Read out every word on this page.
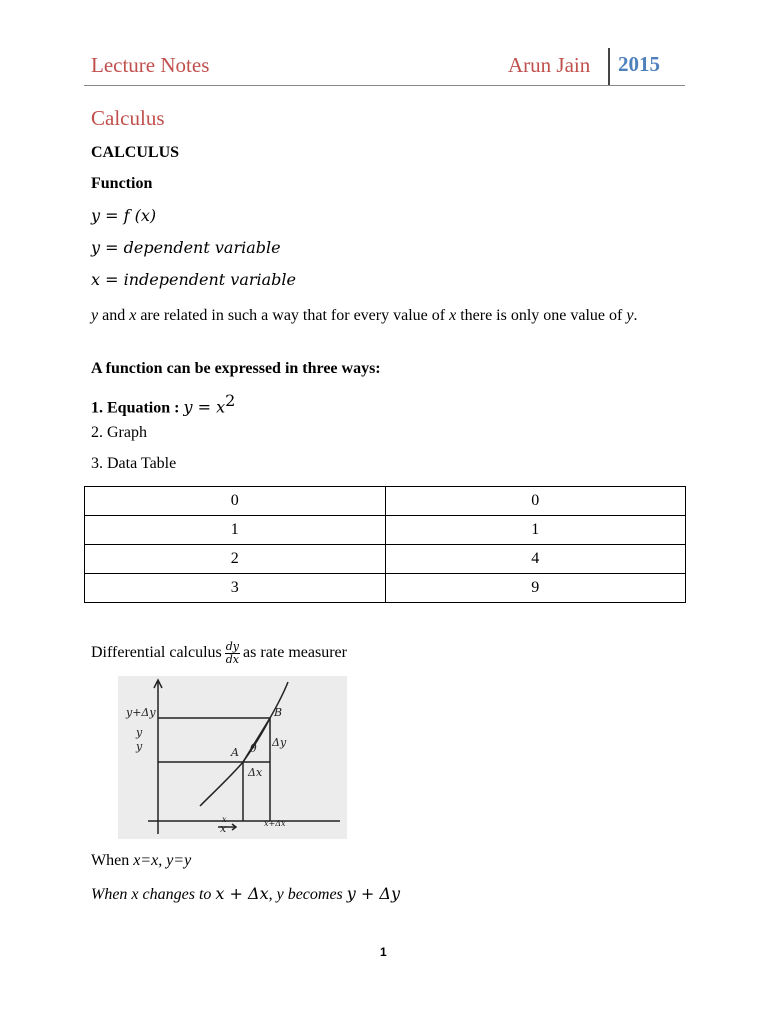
Lecture Notes	Arun Jain 2015
Calculus
CALCULUS
Function
y = f (x)
y = dependent variable
x = independent variable
y and x are related in such a way that for every value of x there is only one value of y.
A function can be expressed in three ways:
1. Equation : $y = x^2$
2. Graph
3. Data Table
0	0
1	1
2	4
3	9
Differential calculus $\frac{dy}{dx}$ as rate measurer
y+Δy
y
y	A
B
θ Δy
Δx
x
x	x+Δx
When x=x, y=y
When x changes to x + Δx, y becomes y + Δy
1
